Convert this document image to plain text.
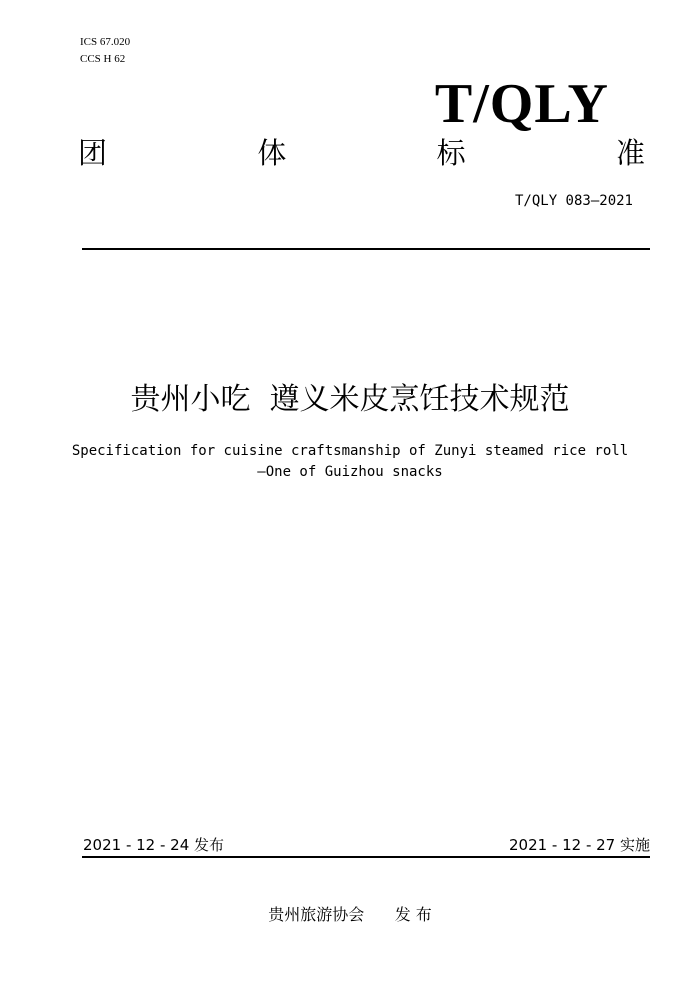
ICS 67.020
CCS H 62
T/QLY
团	体	标	准
T/QLY 083—2021
贵州小吃  遵义米皮烹饪技术规范
Specification for cuisine craftsmanship of Zunyi steamed rice roll
—One of Guizhou snacks
2021 - 12 - 24 发布	2021 - 12 - 27 实施
贵州旅游协会      发 布
